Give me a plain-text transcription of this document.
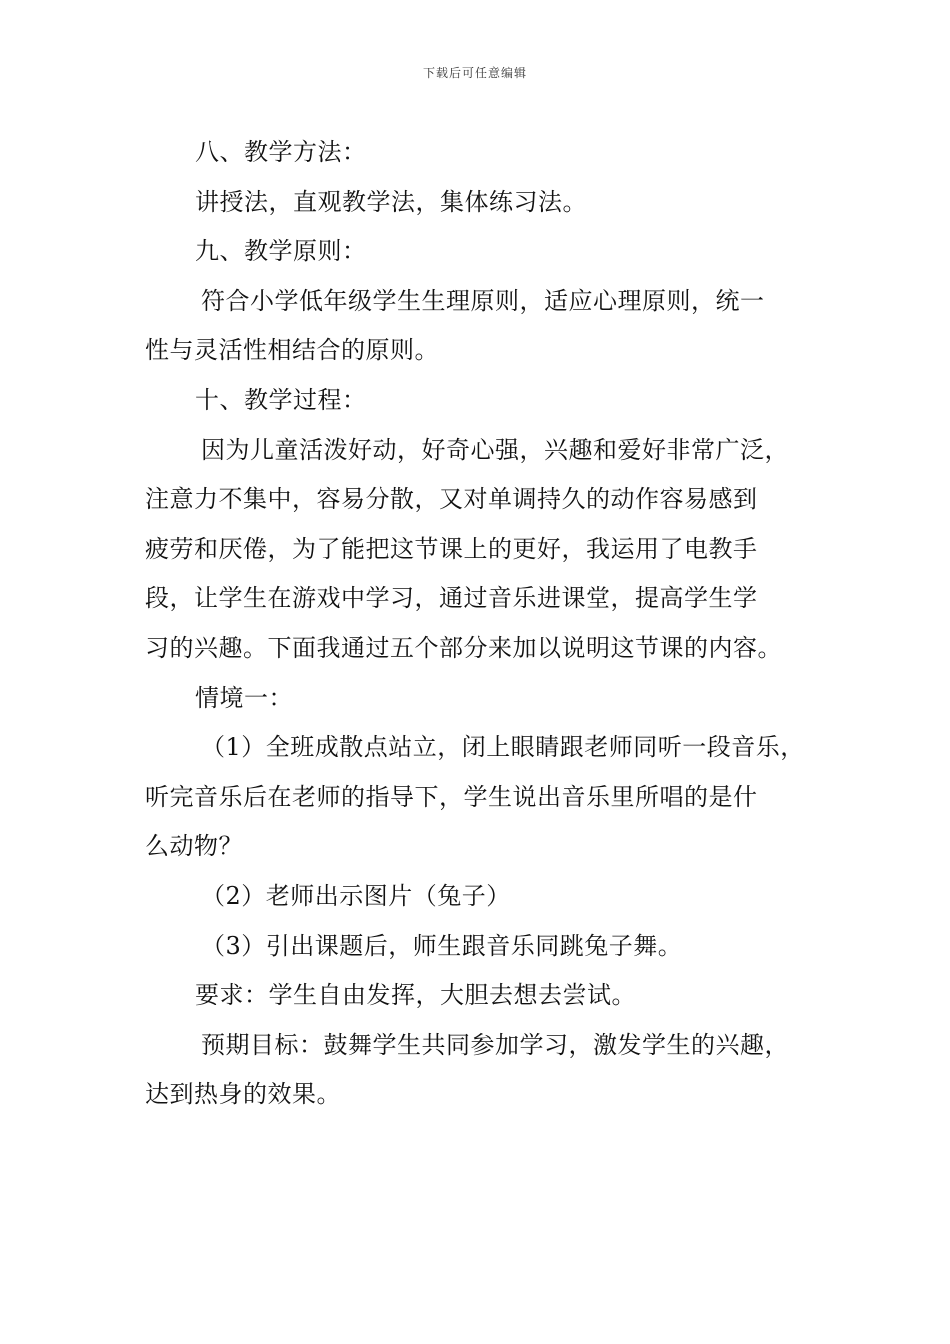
下载后可任意编辑
八、教学方法：
讲授法，直观教学法，集体练习法。
九、教学原则：
符合小学低年级学生生理原则，适应心理原则，统一
性与灵活性相结合的原则。
十、教学过程：
因为儿童活泼好动，好奇心强，兴趣和爱好非常广泛，
注意力不集中，容易分散，又对单调持久的动作容易感到
疲劳和厌倦，为了能把这节课上的更好，我运用了电教手
段，让学生在游戏中学习，通过音乐进课堂，提高学生学
习的兴趣。下面我通过五个部分来加以说明这节课的内容。
情境一：
（1）全班成散点站立，闭上眼睛跟老师同听一段音乐，
听完音乐后在老师的指导下，学生说出音乐里所唱的是什
么动物？
（2）老师出示图片（兔子）
（3）引出课题后，师生跟音乐同跳兔子舞。
要求：学生自由发挥，大胆去想去尝试。
预期目标：鼓舞学生共同参加学习，激发学生的兴趣，
达到热身的效果。
